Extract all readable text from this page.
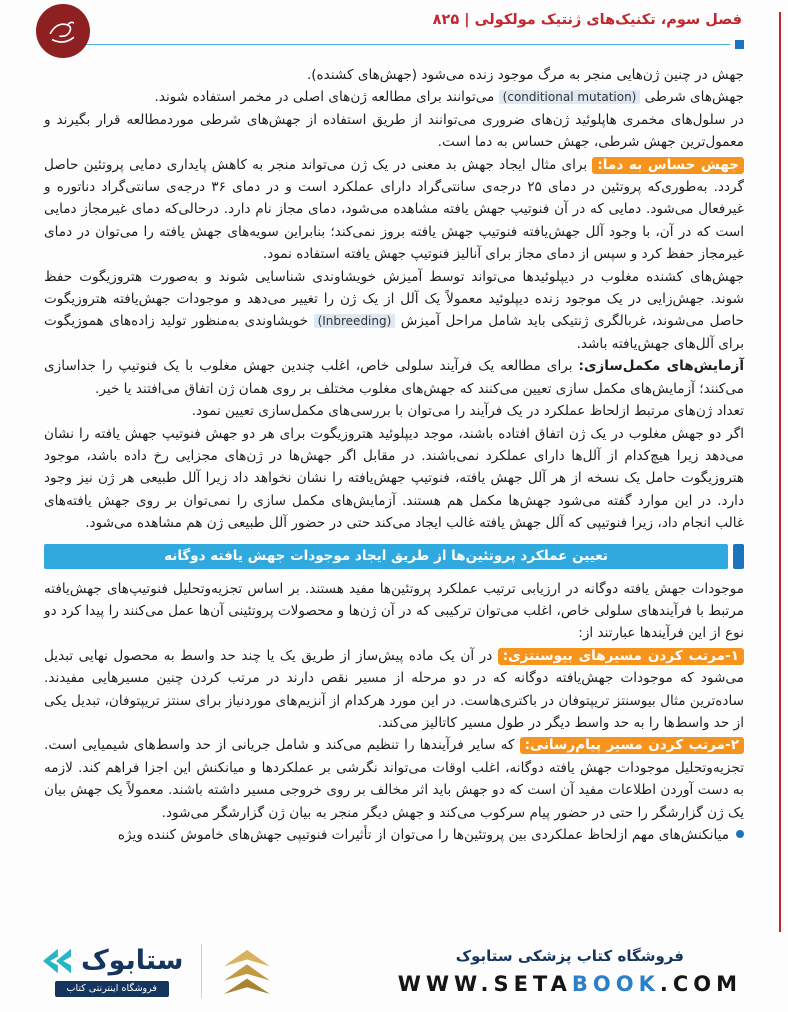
فصل سوم، تکنیک‌های ژنتیک مولکولی | ۸۲۵

جهش در چنین ژن‌هایی منجر به مرگ موجود زنده می‌شود (جهش‌های کشنده).

جهش‌های شرطی (conditional mutation) می‌توانند برای مطالعه ژن‌های اصلی در مخمر استفاده شوند.

در سلول‌های مخمری هاپلوئید ژن‌های ضروری می‌توانند از طریق استفاده از جهش‌های شرطی موردمطالعه قرار بگیرند و معمول‌ترین جهش شرطی، جهش حساس به دما است.

جهش حساس به دما: برای مثال ایجاد جهش بد معنی در یک ژن می‌تواند منجر به کاهش پایداری دمایی پروتئین حاصل گردد. به‌طوری‌که پروتئین در دمای ۲۵ درجه‌ی سانتی‌گراد دارای عملکرد است و در دمای ۳۶ درجه‌ی سانتی‌گراد دناتوره و غیرفعال می‌شود. دمایی که در آن فنوتیپ جهش یافته مشاهده می‌شود، دمای مجاز نام دارد. درحالی‌که دمای غیرمجاز دمایی است که در آن، با وجود آلل جهش‌یافته فنوتیپ جهش یافته بروز نمی‌کند؛ بنابراین سویه‌های جهش یافته را می‌توان در دمای غیرمجاز حفظ کرد و سپس از دمای مجاز برای آنالیز فنوتیپ جهش یافته استفاده نمود.

جهش‌های کشنده مغلوب در دیپلوئیدها می‌تواند توسط آمیزش خویشاوندی شناسایی شوند و به‌صورت هتروزیگوت حفظ شوند. جهش‌زایی در یک موجود زنده دیپلوئید معمولاً یک آلل از یک ژن را تغییر می‌دهد و موجودات جهش‌یافته هتروزیگوت حاصل می‌شوند، غربالگری ژنتیکی باید شامل مراحل آمیزش (Inbreeding) خویشاوندی به‌منظور تولید زاده‌های هموزیگوت برای آلل‌های جهش‌یافته باشد.

آزمایش‌های مکمل‌سازی: برای مطالعه یک فرآیند سلولی خاص، اغلب چندین جهش مغلوب با یک فنوتیپ را جداسازی می‌کنند؛ آزمایش‌های مکمل سازی تعیین می‌کنند که جهش‌های مغلوب مختلف بر روی همان ژن اتفاق می‌افتند یا خیر.

تعداد ژن‌های مرتبط ازلحاظ عملکرد در یک فرآیند را می‌توان با بررسی‌های مکمل‌سازی تعیین نمود.

اگر دو جهش مغلوب در یک ژن اتفاق افتاده باشند، موجد دیپلوئید هتروزیگوت برای هر دو جهش فنوتیپ جهش یافته را نشان می‌دهد زیرا هیچ‌کدام از آلل‌ها دارای عملکرد نمی‌باشند. در مقابل اگر جهش‌ها در ژن‌های مجزایی رخ داده باشد، موجود هتروزیگوت حامل یک نسخه از هر آلل جهش یافته، فنوتیپ جهش‌یافته را نشان نخواهد داد زیرا آلل طبیعی هر ژن نیز وجود دارد. در این موارد گفته می‌شود جهش‌ها مکمل هم هستند. آزمایش‌های مکمل سازی را نمی‌توان بر روی جهش یافته‌های غالب انجام داد، زیرا فنوتیپی که آلل جهش یافته غالب ایجاد می‌کند حتی در حضور آلل طبیعی ژن هم مشاهده می‌شود.

تعیین عملکرد پروتئین‌ها از طریق ایجاد موجودات جهش یافته دوگانه

موجودات جهش یافته دوگانه در ارزیابی ترتیب عملکرد پروتئین‌ها مفید هستند. بر اساس تجزیه‌وتحلیل فنوتیپ‌های جهش‌یافته مرتبط با فرآیندهای سلولی خاص، اغلب می‌توان ترکیبی که در آن ژن‌ها و محصولات پروتئینی آن‌ها عمل می‌کنند را پیدا کرد دو نوع از این فرآیندها عبارتند از:

۱-مرتب کردن مسیرهای بیوسنتزی: در آن یک ماده پیش‌ساز از طریق یک یا چند حد واسط به محصول نهایی تبدیل می‌شود که موجودات جهش‌یافته دوگانه که در دو مرحله از مسیر نقص دارند در مرتب کردن چنین مسیرهایی مفیدند. ساده‌ترین مثال بیوسنتز تریپتوفان در باکتری‌هاست. در این مورد هرکدام از آنزیم‌های موردنیاز برای سنتز تریپتوفان، تبدیل یکی از حد واسط‌ها را به حد واسط دیگر در طول مسیر کاتالیز می‌کند.

۲-مرتب کردن مسیر پیام‌رسانی: که سایر فرآیندها را تنظیم می‌کند و شامل جریانی از حد واسط‌های شیمیایی است. تجزیه‌وتحلیل موجودات جهش یافته دوگانه، اغلب اوقات می‌تواند نگرشی بر عملکردها و میانکنش این اجزا فراهم کند. لازمه به دست آوردن اطلاعات مفید آن است که دو جهش باید اثر مخالف بر روی خروجی مسیر داشته باشند. معمولاً یک جهش بیان یک ژن گزارشگر را حتی در حضور پیام سرکوب می‌کند و جهش دیگر منجر به بیان ژن گزارشگر می‌شود.

میانکنش‌های مهم ازلحاظ عملکردی بین پروتئین‌ها را می‌توان از تأثیرات فنوتیپی جهش‌های خاموش کننده ویژه

ستابوک
فروشگاه اینترنتی کتاب
فروشگاه کتاب پزشکی ستابوک
WWW.SETABOOK.COM
